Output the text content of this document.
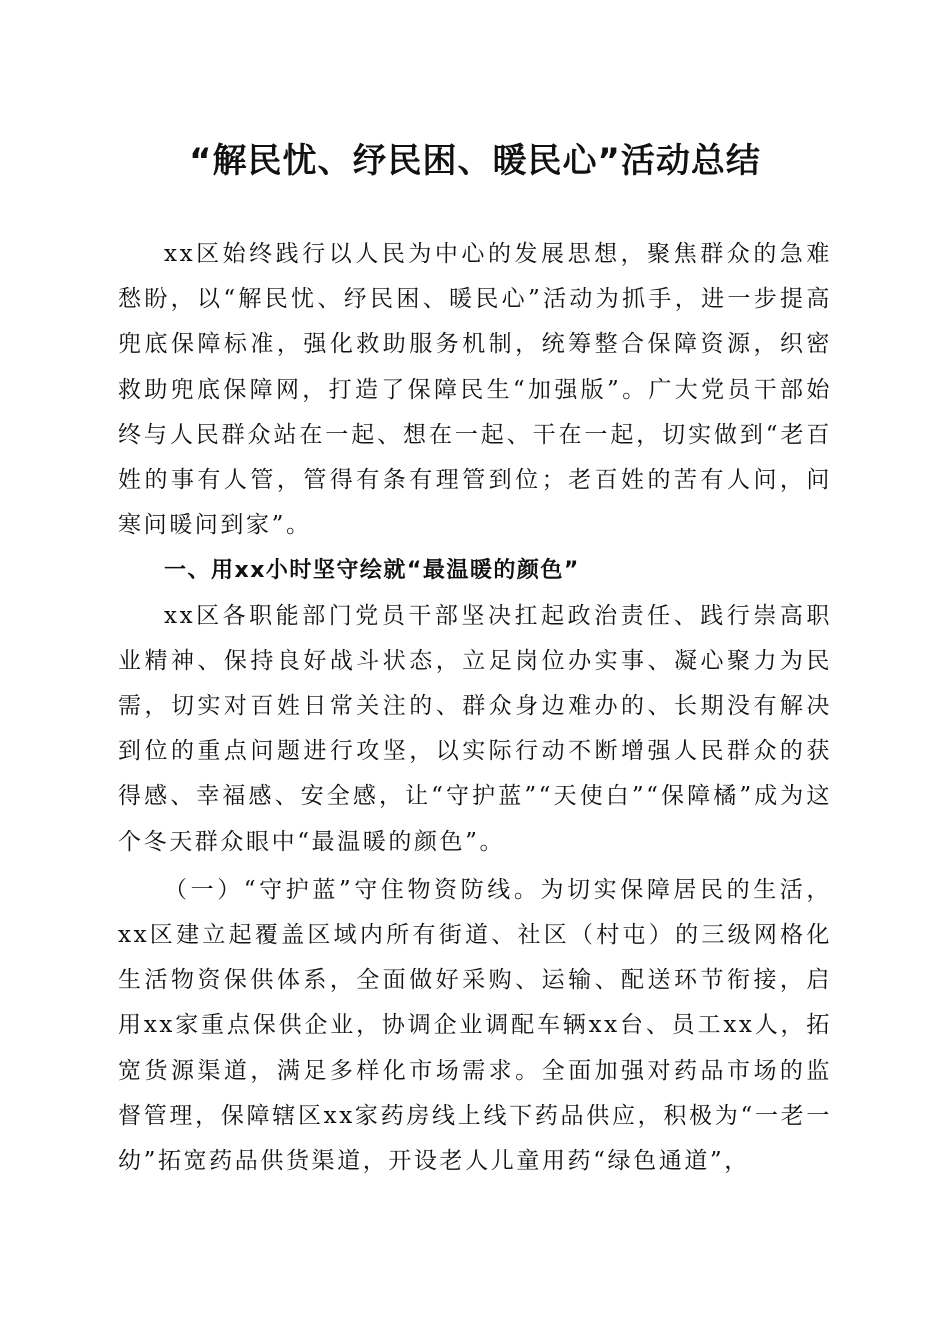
“解民忧、纾民困、暖民心”活动总结

xx区始终践行以人民为中心的发展思想，聚焦群众的急难愁盼，以“解民忧、纾民困、暖民心”活动为抓手，进一步提高兜底保障标准，强化救助服务机制，统筹整合保障资源，织密救助兜底保障网，打造了保障民生“加强版”。广大党员干部始终与人民群众站在一起、想在一起、干在一起，切实做到“老百姓的事有人管，管得有条有理管到位；老百姓的苦有人问，问寒问暖问到家”。

一、用xx小时坚守绘就“最温暖的颜色”

xx区各职能部门党员干部坚决扛起政治责任、践行崇高职业精神、保持良好战斗状态，立足岗位办实事、凝心聚力为民需，切实对百姓日常关注的、群众身边难办的、长期没有解决到位的重点问题进行攻坚，以实际行动不断增强人民群众的获得感、幸福感、安全感，让“守护蓝”“天使白”“保障橘”成为这个冬天群众眼中“最温暖的颜色”。

（一）“守护蓝”守住物资防线。为切实保障居民的生活，xx区建立起覆盖区域内所有街道、社区（村屯）的三级网格化生活物资保供体系，全面做好采购、运输、配送环节衔接，启用xx家重点保供企业，协调企业调配车辆xx台、员工xx人，拓宽货源渠道，满足多样化市场需求。全面加强对药品市场的监督管理，保障辖区xx家药房线上线下药品供应，积极为“一老一幼”拓宽药品供货渠道，开设老人儿童用药“绿色通道”，
